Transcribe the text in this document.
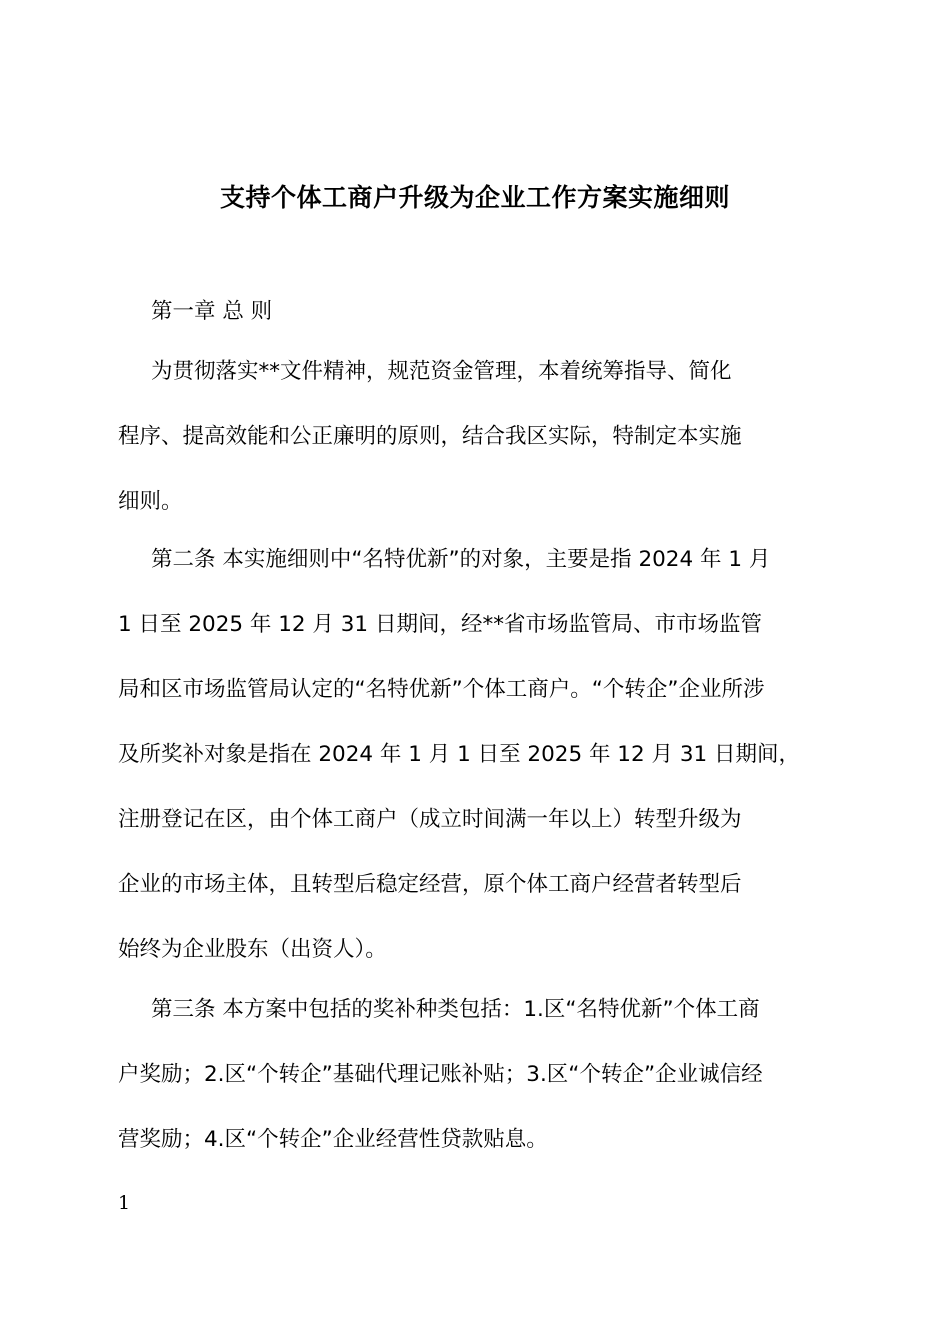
支持个体工商户升级为企业工作方案实施细则

第一章 总 则

为贯彻落实**文件精神，规范资金管理，本着统筹指导、简化

程序、提高效能和公正廉明的原则，结合我区实际，特制定本实施

细则。

第二条 本实施细则中“名特优新”的对象，主要是指 2024 年 1 月

1 日至 2025 年 12 月 31 日期间，经**省市场监管局、市市场监管

局和区市场监管局认定的“名特优新”个体工商户。“个转企”企业所涉

及所奖补对象是指在 2024 年 1 月 1 日至 2025 年 12 月 31 日期间，

注册登记在区，由个体工商户（成立时间满一年以上）转型升级为

企业的市场主体，且转型后稳定经营，原个体工商户经营者转型后

始终为企业股东（出资人）。

第三条 本方案中包括的奖补种类包括：1.区“名特优新”个体工商

户奖励；2.区“个转企”基础代理记账补贴；3.区“个转企”企业诚信经

营奖励；4.区“个转企”企业经营性贷款贴息。

1
